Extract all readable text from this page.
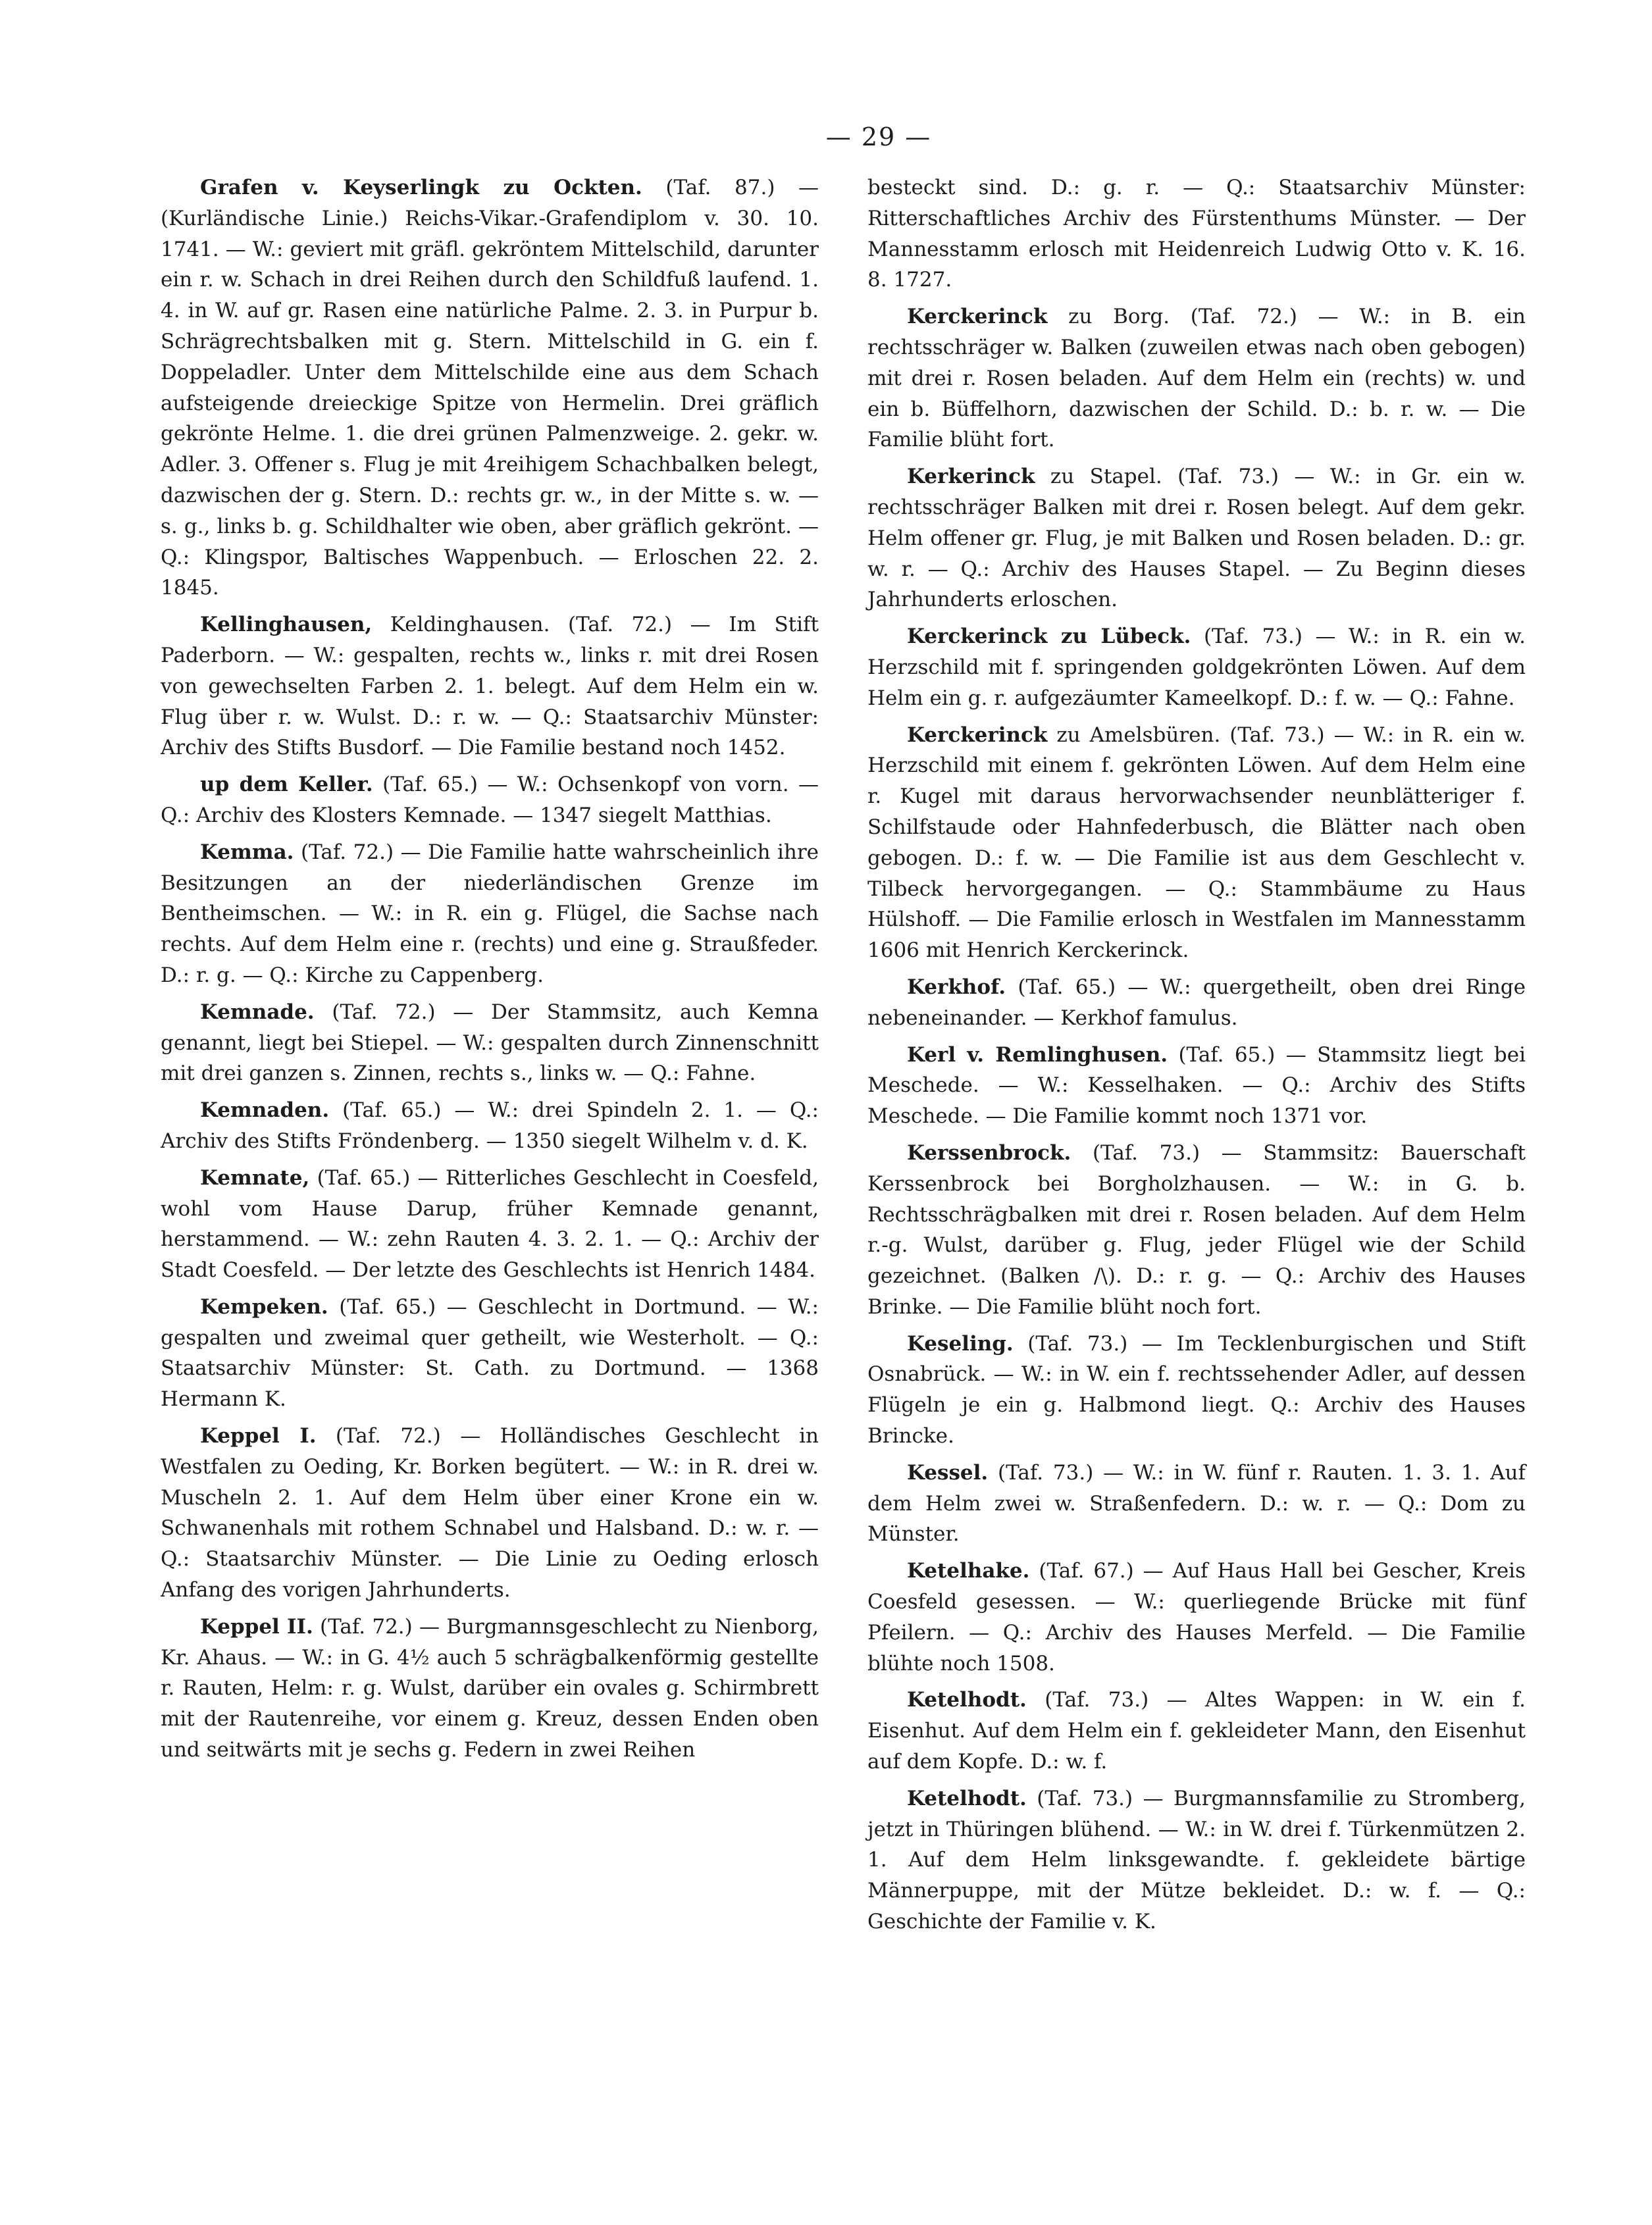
— 29 —

Grafen v. Keyserlingk zu Ockten. (Taf. 87.) — (Kurländische Linie.) Reichs-Vikar.-Grafendiplom v. 30. 10. 1741. — W.: geviert mit gräfl. gekröntem Mittelschild, darunter ein r. w. Schach in drei Reihen durch den Schildfuß laufend. 1. 4. in W. auf gr. Rasen eine natürliche Palme. 2. 3. in Purpur b. Schrägrechtsbalken mit g. Stern. Mittelschild in G. ein f. Doppeladler. Unter dem Mittelschilde eine aus dem Schach aufsteigende dreieckige Spitze von Hermelin. Drei gräflich gekrönte Helme. 1. die drei grünen Palmenzweige. 2. gekr. w. Adler. 3. Offener s. Flug je mit 4reihigem Schachbalken belegt, dazwischen der g. Stern. D.: rechts gr. w., in der Mitte s. w. — s. g., links b. g. Schildhalter wie oben, aber gräflich gekrönt. — Q.: Klingspor, Baltisches Wappenbuch. — Erloschen 22. 2. 1845.

Kellinghausen, Keldinghausen. (Taf. 72.) — Im Stift Paderborn. — W.: gespalten, rechts w., links r. mit drei Rosen von gewechselten Farben 2. 1. belegt. Auf dem Helm ein w. Flug über r. w. Wulst. D.: r. w. — Q.: Staatsarchiv Münster: Archiv des Stifts Busdorf. — Die Familie bestand noch 1452.

up dem Keller. (Taf. 65.) — W.: Ochsenkopf von vorn. — Q.: Archiv des Klosters Kemnade. — 1347 siegelt Matthias.

Kemma. (Taf. 72.) — Die Familie hatte wahrscheinlich ihre Besitzungen an der niederländischen Grenze im Bentheimschen. — W.: in R. ein g. Flügel, die Sachse nach rechts. Auf dem Helm eine r. (rechts) und eine g. Straußfeder. D.: r. g. — Q.: Kirche zu Cappenberg.

Kemnade. (Taf. 72.) — Der Stammsitz, auch Kemna genannt, liegt bei Stiepel. — W.: gespalten durch Zinnenschnitt mit drei ganzen s. Zinnen, rechts s., links w. — Q.: Fahne.

Kemnaden. (Taf. 65.) — W.: drei Spindeln 2. 1. — Q.: Archiv des Stifts Fröndenberg. — 1350 siegelt Wilhelm v. d. K.

Kemnate, (Taf. 65.) — Ritterliches Geschlecht in Coesfeld, wohl vom Hause Darup, früher Kemnade genannt, herstammend. — W.: zehn Rauten 4. 3. 2. 1. — Q.: Archiv der Stadt Coesfeld. — Der letzte des Geschlechts ist Henrich 1484.

Kempeken. (Taf. 65.) — Geschlecht in Dortmund. — W.: gespalten und zweimal quer getheilt, wie Westerholt. — Q.: Staatsarchiv Münster: St. Cath. zu Dortmund. — 1368 Hermann K.

Keppel I. (Taf. 72.) — Holländisches Geschlecht in Westfalen zu Oeding, Kr. Borken begütert. — W.: in R. drei w. Muscheln 2. 1. Auf dem Helm über einer Krone ein w. Schwanenhals mit rothem Schnabel und Halsband. D.: w. r. — Q.: Staatsarchiv Münster. — Die Linie zu Oeding erlosch Anfang des vorigen Jahrhunderts.

Keppel II. (Taf. 72.) — Burgmannsgeschlecht zu Nienborg, Kr. Ahaus. — W.: in G. 4½ auch 5 schrägbalkenförmig gestellte r. Rauten, Helm: r. g. Wulst, darüber ein ovales g. Schirmbrett mit der Rautenreihe, vor einem g. Kreuz, dessen Enden oben und seitwärts mit je sechs g. Federn in zwei Reihen

besteckt sind. D.: g. r. — Q.: Staatsarchiv Münster: Ritterschaftliches Archiv des Fürstenthums Münster. — Der Mannesstamm erlosch mit Heidenreich Ludwig Otto v. K. 16. 8. 1727.

Kerckerinck zu Borg. (Taf. 72.) — W.: in B. ein rechtsschräger w. Balken (zuweilen etwas nach oben gebogen) mit drei r. Rosen beladen. Auf dem Helm ein (rechts) w. und ein b. Büffelhorn, dazwischen der Schild. D.: b. r. w. — Die Familie blüht fort.

Kerkerinck zu Stapel. (Taf. 73.) — W.: in Gr. ein w. rechtsschräger Balken mit drei r. Rosen belegt. Auf dem gekr. Helm offener gr. Flug, je mit Balken und Rosen beladen. D.: gr. w. r. — Q.: Archiv des Hauses Stapel. — Zu Beginn dieses Jahrhunderts erloschen.

Kerckerinck zu Lübeck. (Taf. 73.) — W.: in R. ein w. Herzschild mit f. springenden goldgekrönten Löwen. Auf dem Helm ein g. r. aufgezäumter Kameelkopf. D.: f. w. — Q.: Fahne.

Kerckerinck zu Amelsbüren. (Taf. 73.) — W.: in R. ein w. Herzschild mit einem f. gekrönten Löwen. Auf dem Helm eine r. Kugel mit daraus hervorwachsender neunblätteriger f. Schilfstaude oder Hahnfederbusch, die Blätter nach oben gebogen. D.: f. w. — Die Familie ist aus dem Geschlecht v. Tilbeck hervorgegangen. — Q.: Stammbäume zu Haus Hülshoff. — Die Familie erlosch in Westfalen im Mannesstamm 1606 mit Henrich Kerckerinck.

Kerkhof. (Taf. 65.) — W.: quergetheilt, oben drei Ringe nebeneinander. — Kerkhof famulus.

Kerl v. Remlinghusen. (Taf. 65.) — Stammsitz liegt bei Meschede. — W.: Kesselhaken. — Q.: Archiv des Stifts Meschede. — Die Familie kommt noch 1371 vor.

Kerssenbrock. (Taf. 73.) — Stammsitz: Bauerschaft Kerssenbrock bei Borgholzhausen. — W.: in G. b. Rechtsschrägbalken mit drei r. Rosen beladen. Auf dem Helm r.-g. Wulst, darüber g. Flug, jeder Flügel wie der Schild gezeichnet. (Balken /\). D.: r. g. — Q.: Archiv des Hauses Brinke. — Die Familie blüht noch fort.

Keseling. (Taf. 73.) — Im Tecklenburgischen und Stift Osnabrück. — W.: in W. ein f. rechtssehender Adler, auf dessen Flügeln je ein g. Halbmond liegt. Q.: Archiv des Hauses Brincke.

Kessel. (Taf. 73.) — W.: in W. fünf r. Rauten. 1. 3. 1. Auf dem Helm zwei w. Straßenfedern. D.: w. r. — Q.: Dom zu Münster.

Ketelhake. (Taf. 67.) — Auf Haus Hall bei Gescher, Kreis Coesfeld gesessen. — W.: querliegende Brücke mit fünf Pfeilern. — Q.: Archiv des Hauses Merfeld. — Die Familie blühte noch 1508.

Ketelhodt. (Taf. 73.) — Altes Wappen: in W. ein f. Eisenhut. Auf dem Helm ein f. gekleideter Mann, den Eisenhut auf dem Kopfe. D.: w. f.

Ketelhodt. (Taf. 73.) — Burgmannsfamilie zu Stromberg, jetzt in Thüringen blühend. — W.: in W. drei f. Türkenmützen 2. 1. Auf dem Helm linksgewandte. f. gekleidete bärtige Männerpuppe, mit der Mütze bekleidet. D.: w. f. — Q.: Geschichte der Familie v. K.
